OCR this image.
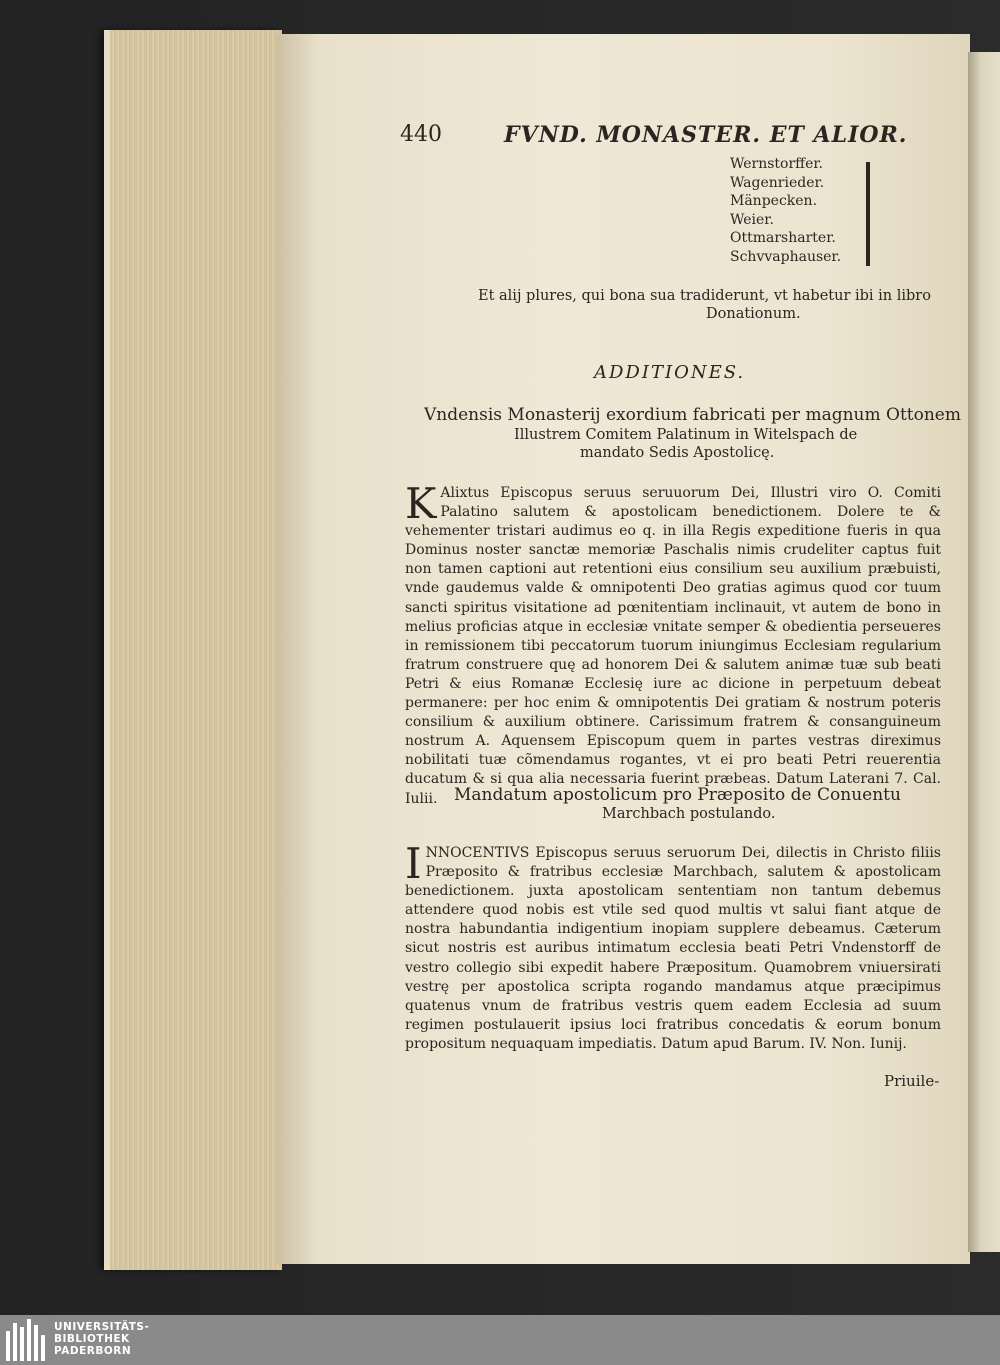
440	FVND. MONASTER. ET ALIOR.
Wernstorffer.
Wagenrieder.
Mänpecken.
Weier.
Ottmarsharter.
Schvvaphauser.
Et alij plures, qui bona sua tradiderunt, vt habetur ibi in libro
Donationum.
ADDITIONES.
Vndensis Monasterij exordium fabricati per magnum Ottonem
Illustrem Comitem Palatinum in Witelspach de
mandato Sedis Apostolicę.
K Alixtus Episcopus seruus seruuorum Dei, Illustri viro O. Comiti Palatino salutem & apostolicam benedictionem. Dolere te & vehementer tristari audimus eo q. in illa Regis expeditione fueris in qua Dominus noster sanctæ memoriæ Paschalis nimis crudeliter captus fuit non tamen captioni aut retentioni eius consilium seu auxilium præbuisti, vnde gaudemus valde & omnipotenti Deo gratias agimus quod cor tuum sancti spiritus visitatione ad pœnitentiam inclinauit, vt autem de bono in melius proficias atque in ecclesiæ vnitate semper & obedientia perseueres in remissionem tibi peccatorum tuorum iniungimus Ecclesiam regularium fratrum construere quę ad honorem Dei & salutem animæ tuæ sub beati Petri & eius Romanæ Ecclesię iure ac dicione in perpetuum debeat permanere: per hoc enim & omnipotentis Dei gratiam & nostrum poteris consilium & auxilium obtinere. Carissimum fratrem & consanguineum nostrum A. Aquensem Episcopum quem in partes vestras direximus nobilitati tuæ cõmendamus rogantes, vt ei pro beati Petri reuerentia ducatum & si qua alia necessaria fuerint præbeas. Datum Laterani 7. Cal. Iulii. Mandatum apostolicum pro Præposito de Conuentu
Marchbach postulando.
I NNOCENTIVS Episcopus seruus seruorum Dei, dilectis in Christo filiis Præposito & fratribus ecclesiæ Marchbach, salutem & apostolicam benedictionem. juxta apostolicam sententiam non tantum debemus attendere quod nobis est vtile sed quod multis vt salui fiant atque de nostra habundantia indigentium inopiam supplere debeamus. Cæterum sicut nostris est auribus intimatum ecclesia beati Petri Vndenstorff de vestro collegio sibi expedit habere Præpositum. Quamobrem vniuersirati vestrę per apostolica scripta rogando mandamus atque præcipimus quatenus vnum de fratribus vestris quem eadem Ecclesia ad suum regimen postulauerit ipsius loci fratribus concedatis & eorum bonum propositum nequaquam impediatis. Datum apud Barum. IV. Non. Iunij.

Priuile-
UNIVERSITÄTS-
BIBLIOTHEK
PADERBORN
